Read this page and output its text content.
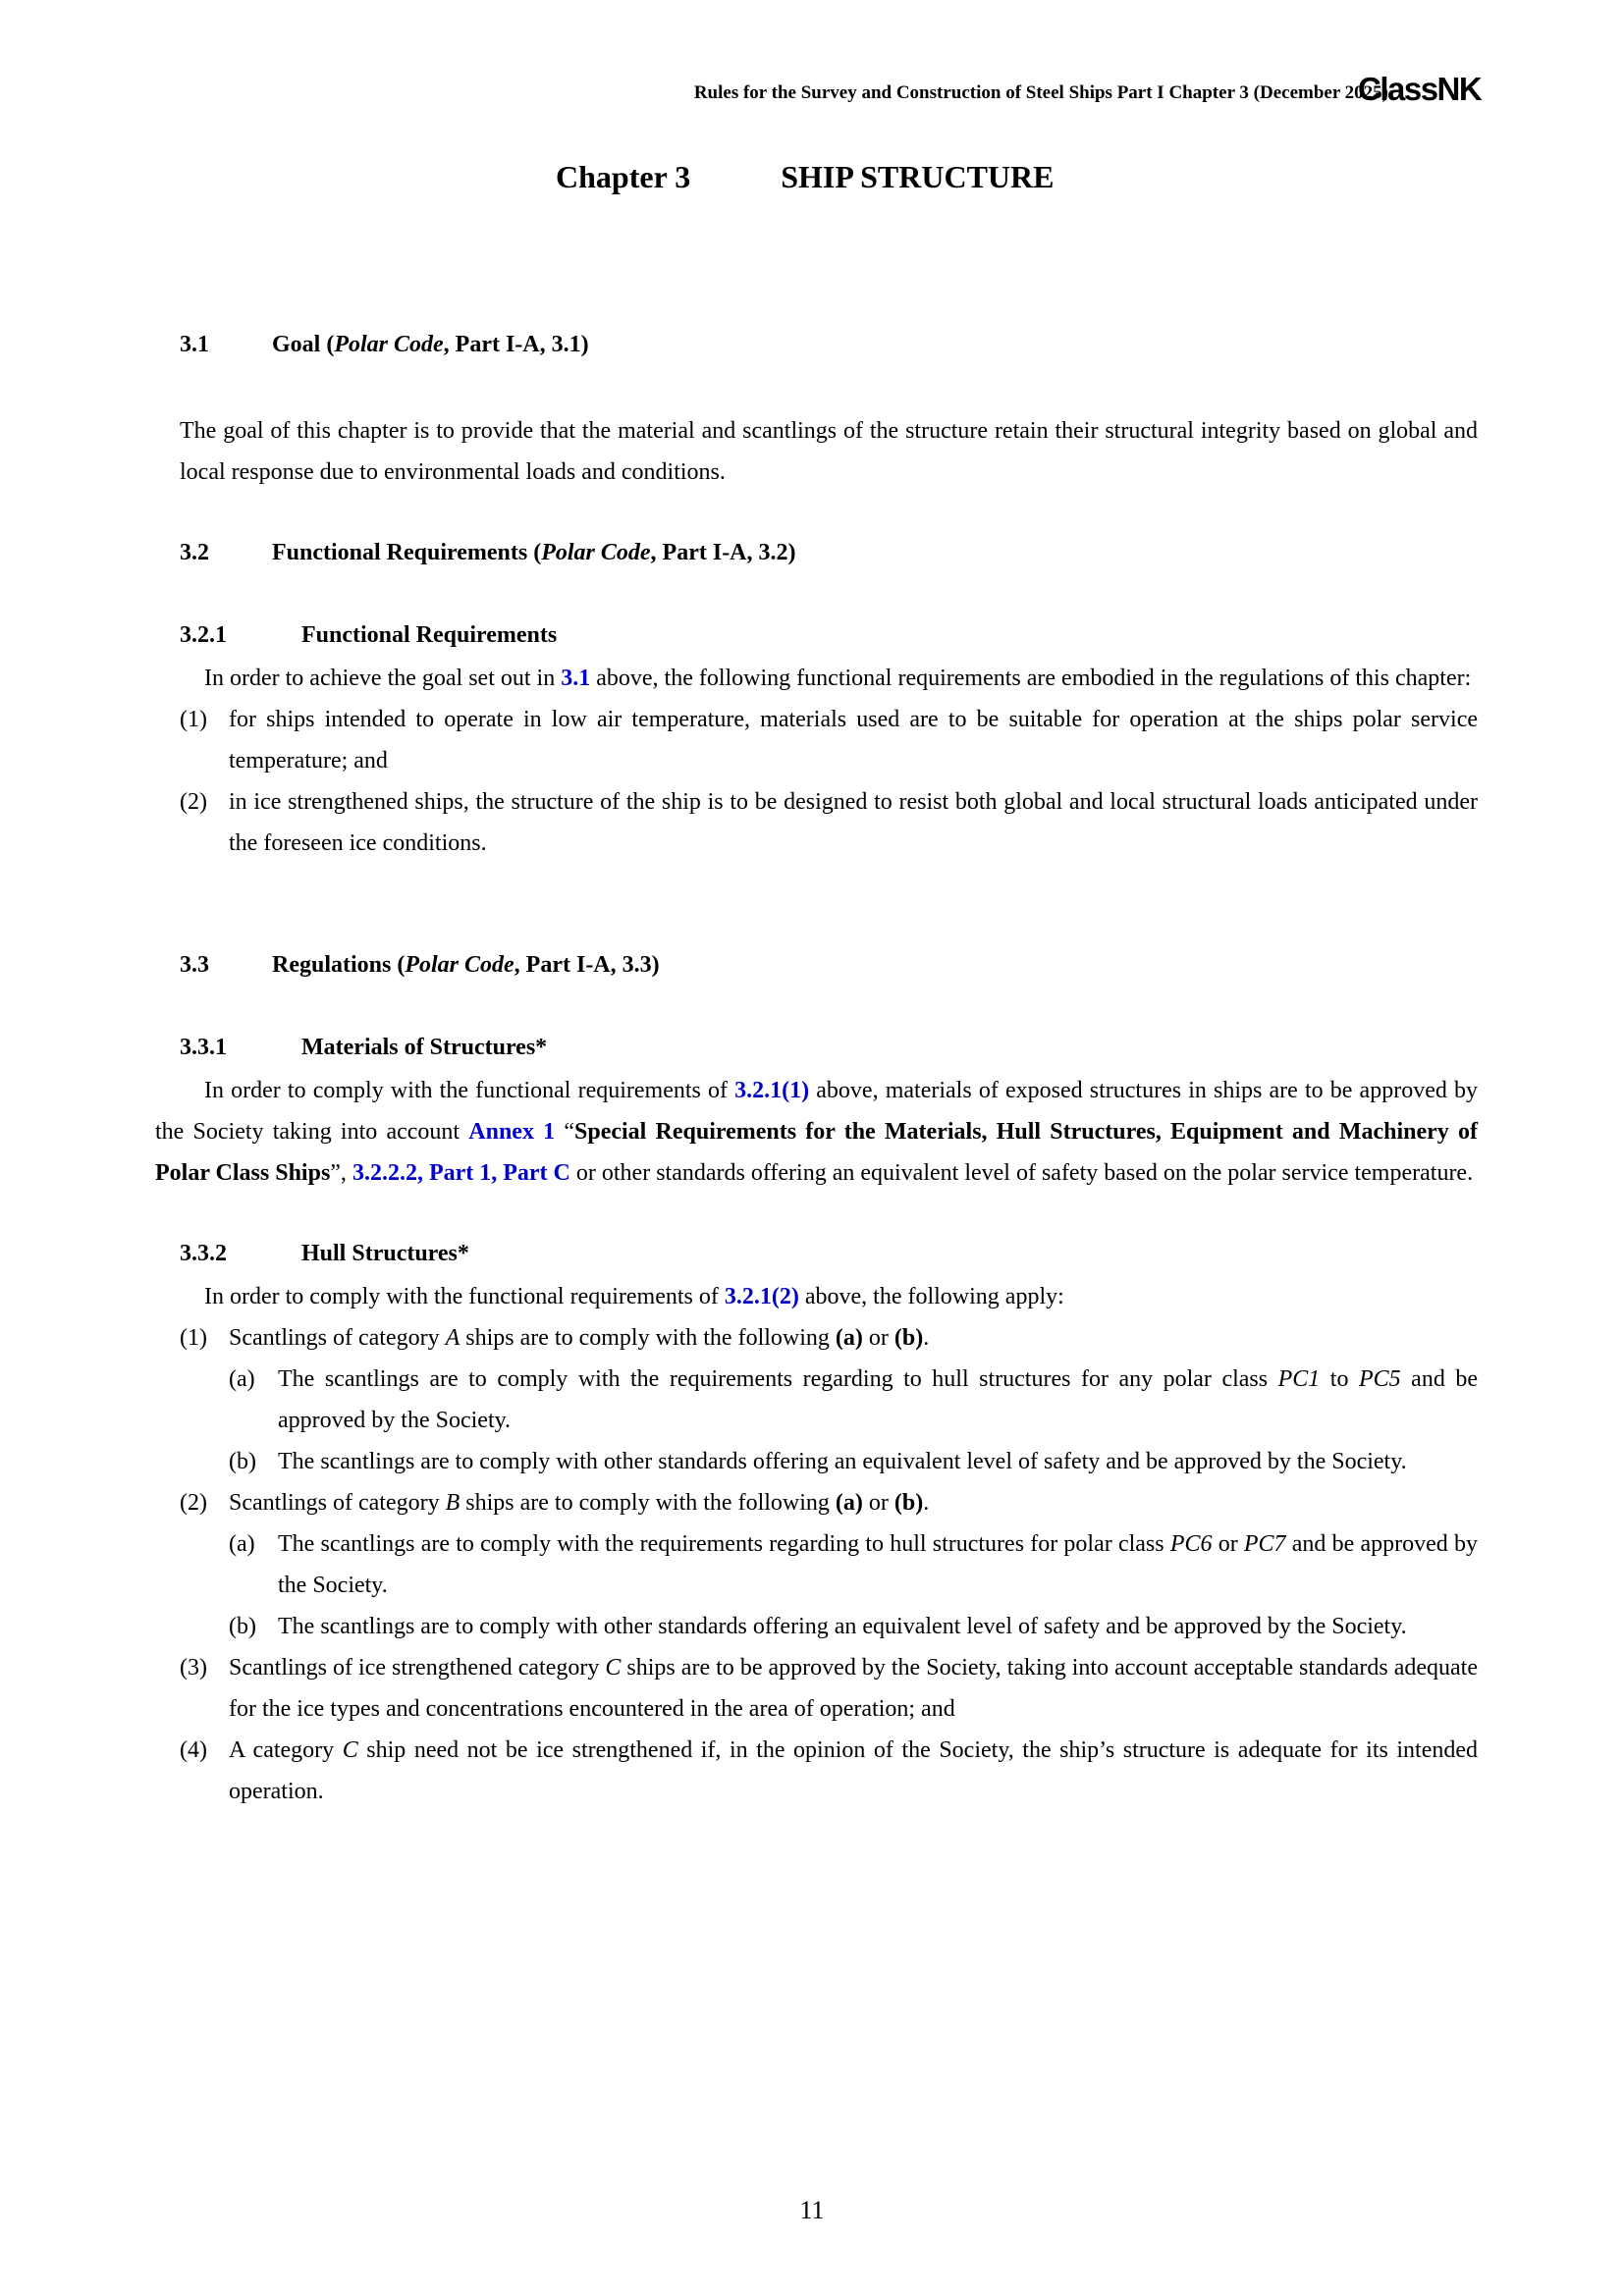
Rules for the Survey and Construction of Steel Ships Part I Chapter 3 (December 2025)
ClassNK
Chapter 3	SHIP STRUCTURE
3.1	Goal (Polar Code, Part I-A, 3.1)

The goal of this chapter is to provide that the material and scantlings of the structure retain their structural integrity based on global and local response due to environmental loads and conditions.

3.2	Functional Requirements (Polar Code, Part I-A, 3.2)
3.2.1	Functional Requirements

In order to achieve the goal set out in 3.1 above, the following functional requirements are embodied in the regulations of this chapter:

(1) for ships intended to operate in low air temperature, materials used are to be suitable for operation at the ships polar service temperature; and

(2) in ice strengthened ships, the structure of the ship is to be designed to resist both global and local structural loads anticipated under the foreseen ice conditions.

3.3	Regulations (Polar Code, Part I-A, 3.3)
3.3.1	Materials of Structures*

In order to comply with the functional requirements of 3.2.1(1) above, materials of exposed structures in ships are to be approved by the Society taking into account Annex 1 “Special Requirements for the Materials, Hull Structures, Equipment and Machinery of Polar Class Ships”, 3.2.2.2, Part 1, Part C or other standards offering an equivalent level of safety based on the polar service temperature.

3.3.2	Hull Structures*

In order to comply with the functional requirements of 3.2.1(2) above, the following apply:

(1) Scantlings of category A ships are to comply with the following (a) or (b).

(a) The scantlings are to comply with the requirements regarding to hull structures for any polar class PC1 to PC5 and be approved by the Society.

(b) The scantlings are to comply with other standards offering an equivalent level of safety and be approved by the Society.

(2) Scantlings of category B ships are to comply with the following (a) or (b).

(a) The scantlings are to comply with the requirements regarding to hull structures for polar class PC6 or PC7 and be approved by the Society.

(b) The scantlings are to comply with other standards offering an equivalent level of safety and be approved by the Society.

(3) Scantlings of ice strengthened category C ships are to be approved by the Society, taking into account acceptable standards adequate for the ice types and concentrations encountered in the area of operation; and

(4) A category C ship need not be ice strengthened if, in the opinion of the Society, the ship’s structure is adequate for its intended operation.

11
